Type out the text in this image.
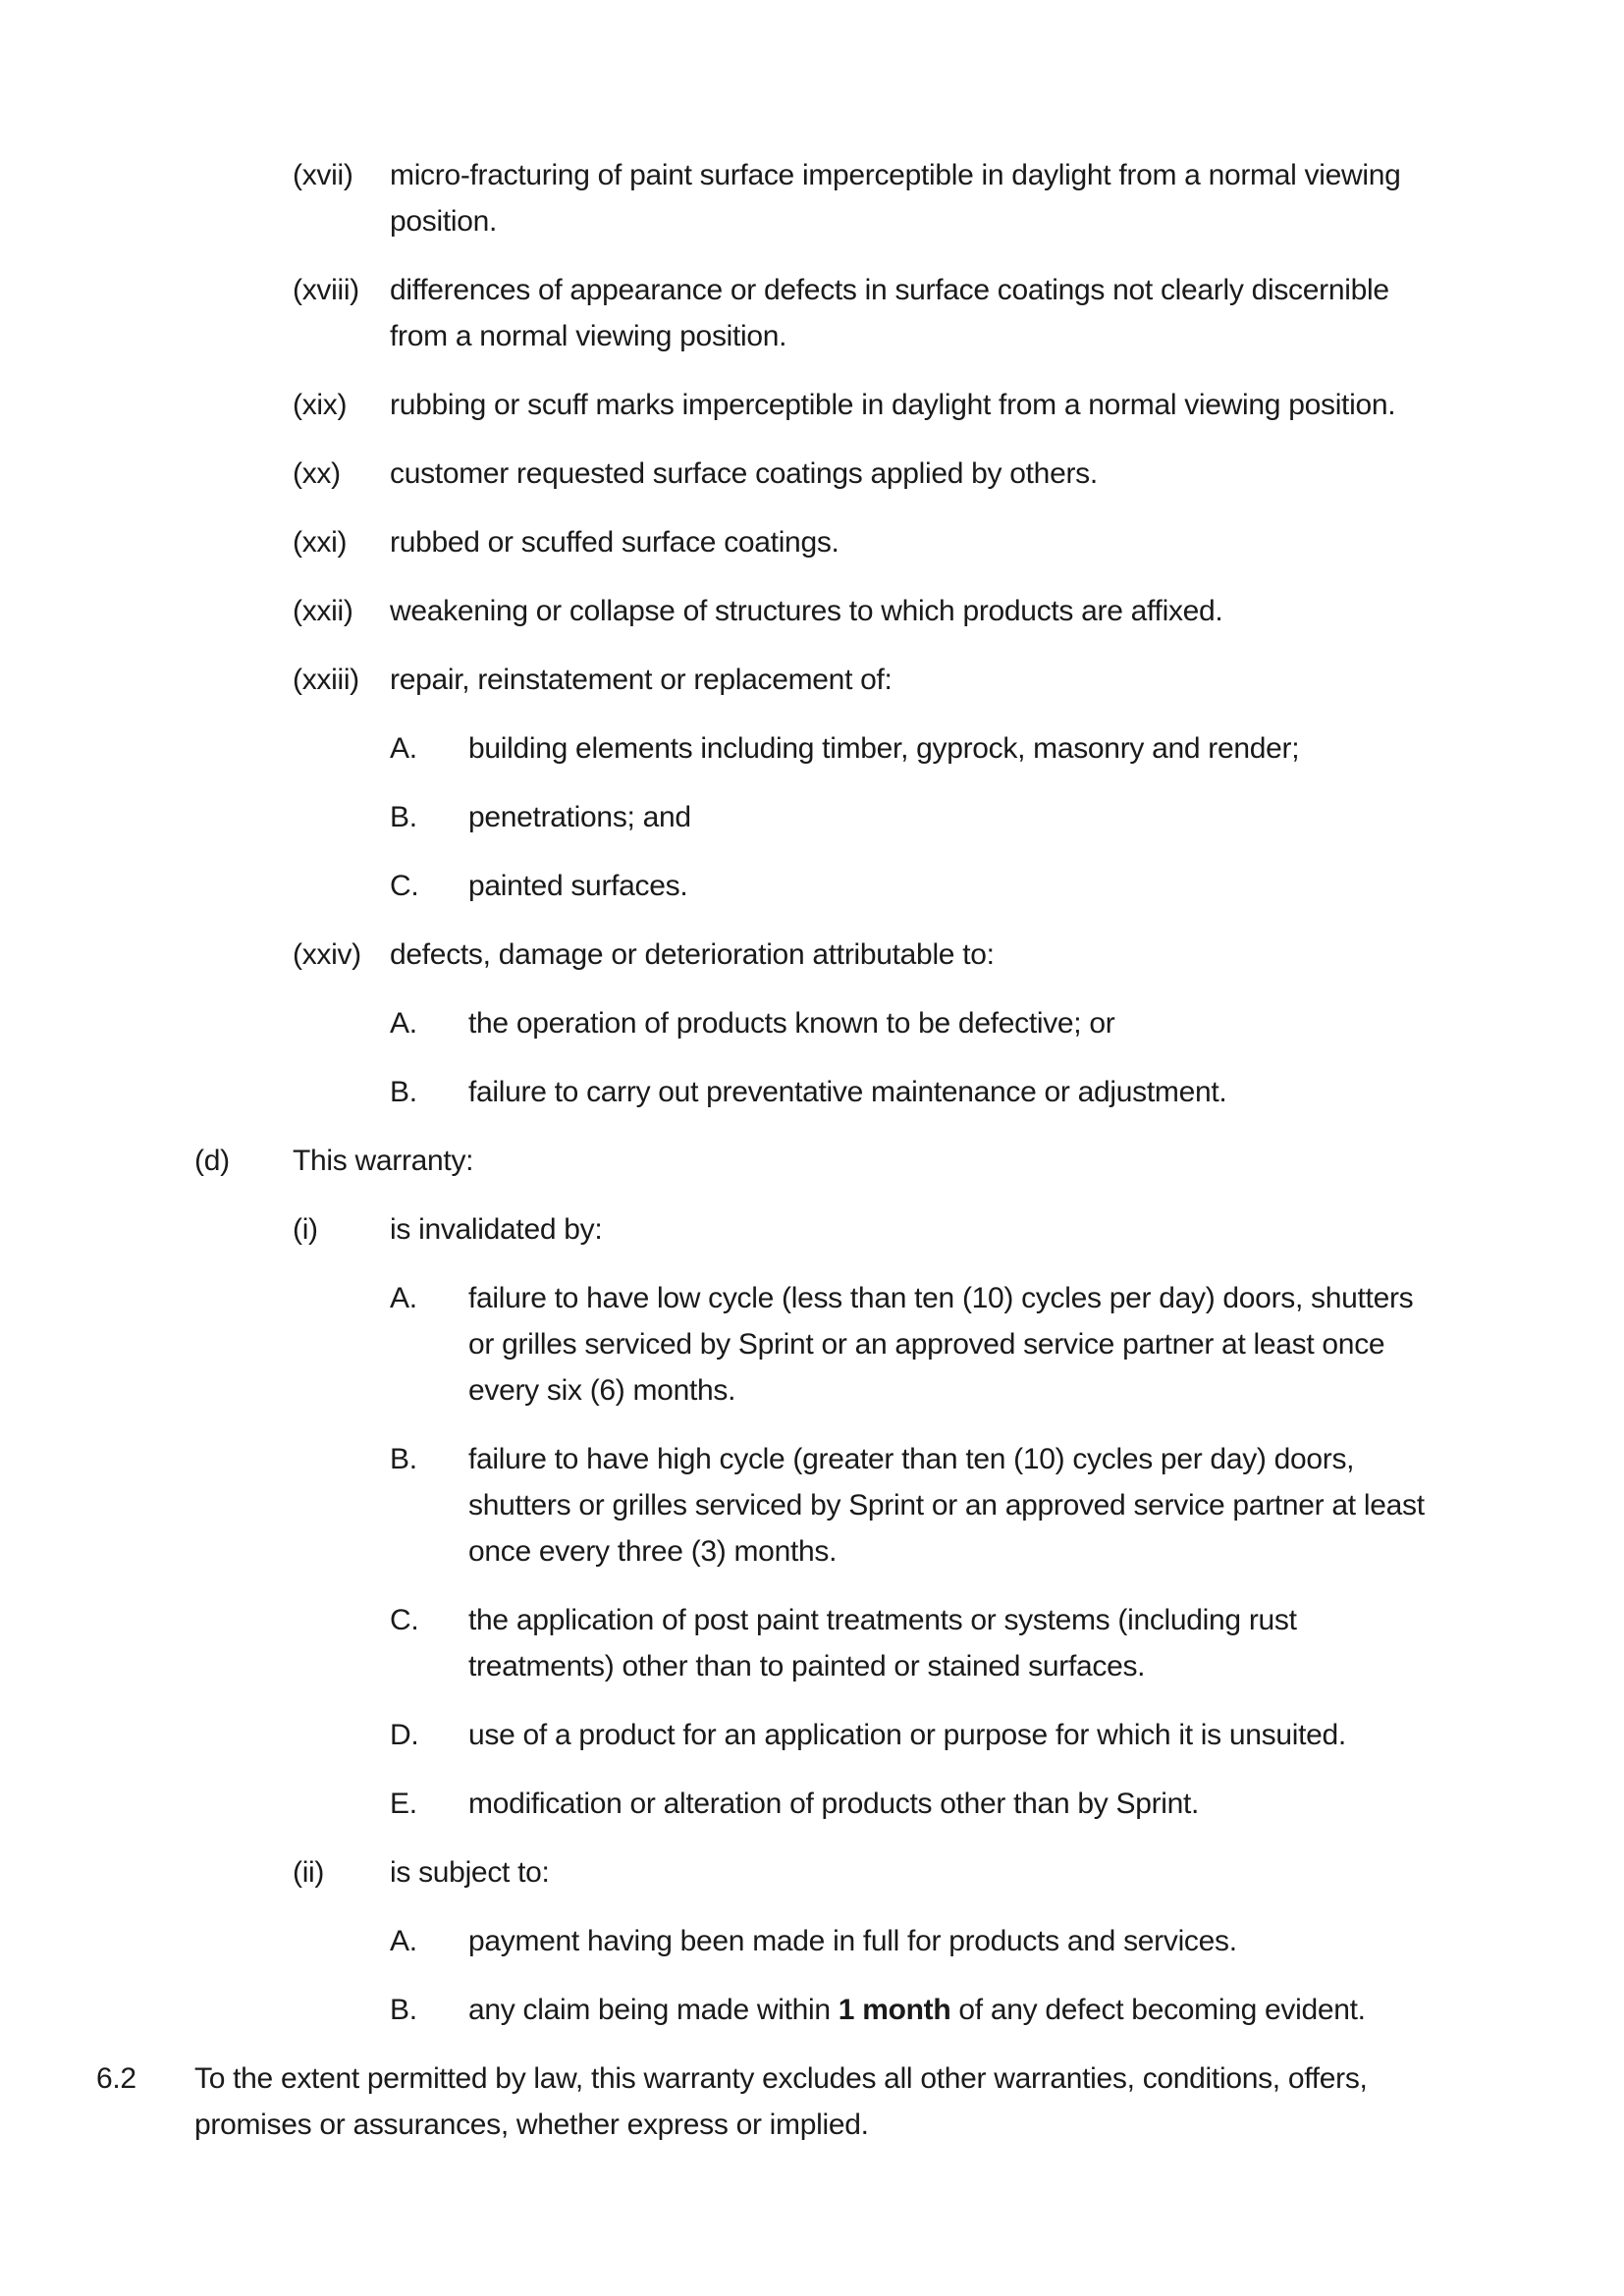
(xvii) micro-fracturing of paint surface imperceptible in daylight from a normal viewing
position.
(xviii) differences of appearance or defects in surface coatings not clearly discernible
from a normal viewing position.
(xix) rubbing or scuff marks imperceptible in daylight from a normal viewing position.
(xx) customer requested surface coatings applied by others.
(xxi) rubbed or scuffed surface coatings.
(xxii) weakening or collapse of structures to which products are affixed.
(xxiii) repair, reinstatement or replacement of:
A. building elements including timber, gyprock, masonry and render;
B. penetrations; and
C. painted surfaces.
(xxiv) defects, damage or deterioration attributable to:
A. the operation of products known to be defective; or
B. failure to carry out preventative maintenance or adjustment.
(d) This warranty:
(i) is invalidated by:
A. failure to have low cycle (less than ten (10) cycles per day) doors, shutters
or grilles serviced by Sprint or an approved service partner at least once
every six (6) months.
B. failure to have high cycle (greater than ten (10) cycles per day) doors,
shutters or grilles serviced by Sprint or an approved service partner at least
once every three (3) months.
C. the application of post paint treatments or systems (including rust
treatments) other than to painted or stained surfaces.
D. use of a product for an application or purpose for which it is unsuited.
E. modification or alteration of products other than by Sprint.
(ii) is subject to:
A. payment having been made in full for products and services.
B. any claim being made within 1 month of any defect becoming evident.
6.2 To the extent permitted by law, this warranty excludes all other warranties, conditions, offers,
promises or assurances, whether express or implied.
